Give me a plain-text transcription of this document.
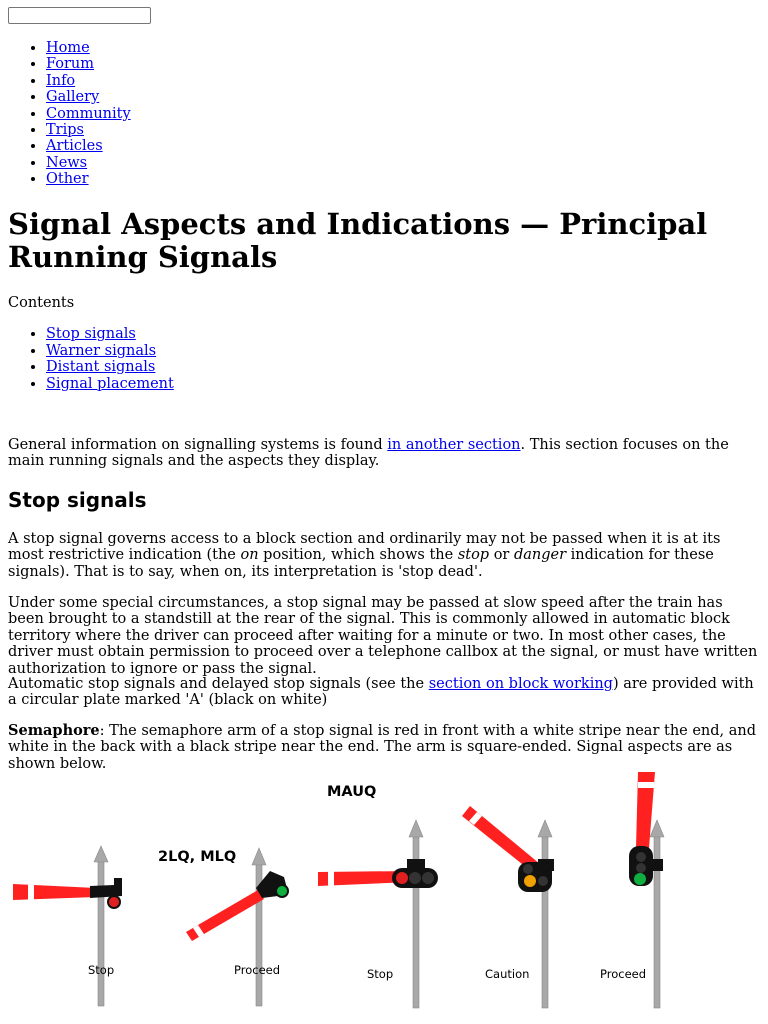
• Home
• Forum
• Info
• Gallery
• Community
• Trips
• Articles
• News
• Other
Signal Aspects and Indications — Principal Running Signals

Contents

• Stop signals
• Warner signals
• Distant signals
• Signal placement

General information on signalling systems is found in another section. This section focuses on the main running signals and the aspects they display.

Stop signals

A stop signal governs access to a block section and ordinarily may not be passed when it is at its most restrictive indication (the on position, which shows the stop or danger indication for these signals). That is to say, when on, its interpretation is 'stop dead'.

Under some special circumstances, a stop signal may be passed at slow speed after the train has been brought to a standstill at the rear of the signal. This is commonly allowed in automatic block territory where the driver can proceed after waiting for a minute or two. In most other cases, the driver must obtain permission to proceed over a telephone callbox at the signal, or must have written authorization to ignore or pass the signal.

Automatic stop signals and delayed stop signals (see the section on block working) are provided with a circular plate marked 'A' (black on white)

Semaphore: The semaphore arm of a stop signal is red in front with a white stripe near the end, and white in the back with a black stripe near the end. The arm is square-ended. Signal aspects are as shown below.

2LQ, MLQ
MAUQ
Stop	Proceed	Stop	Caution	Proceed
